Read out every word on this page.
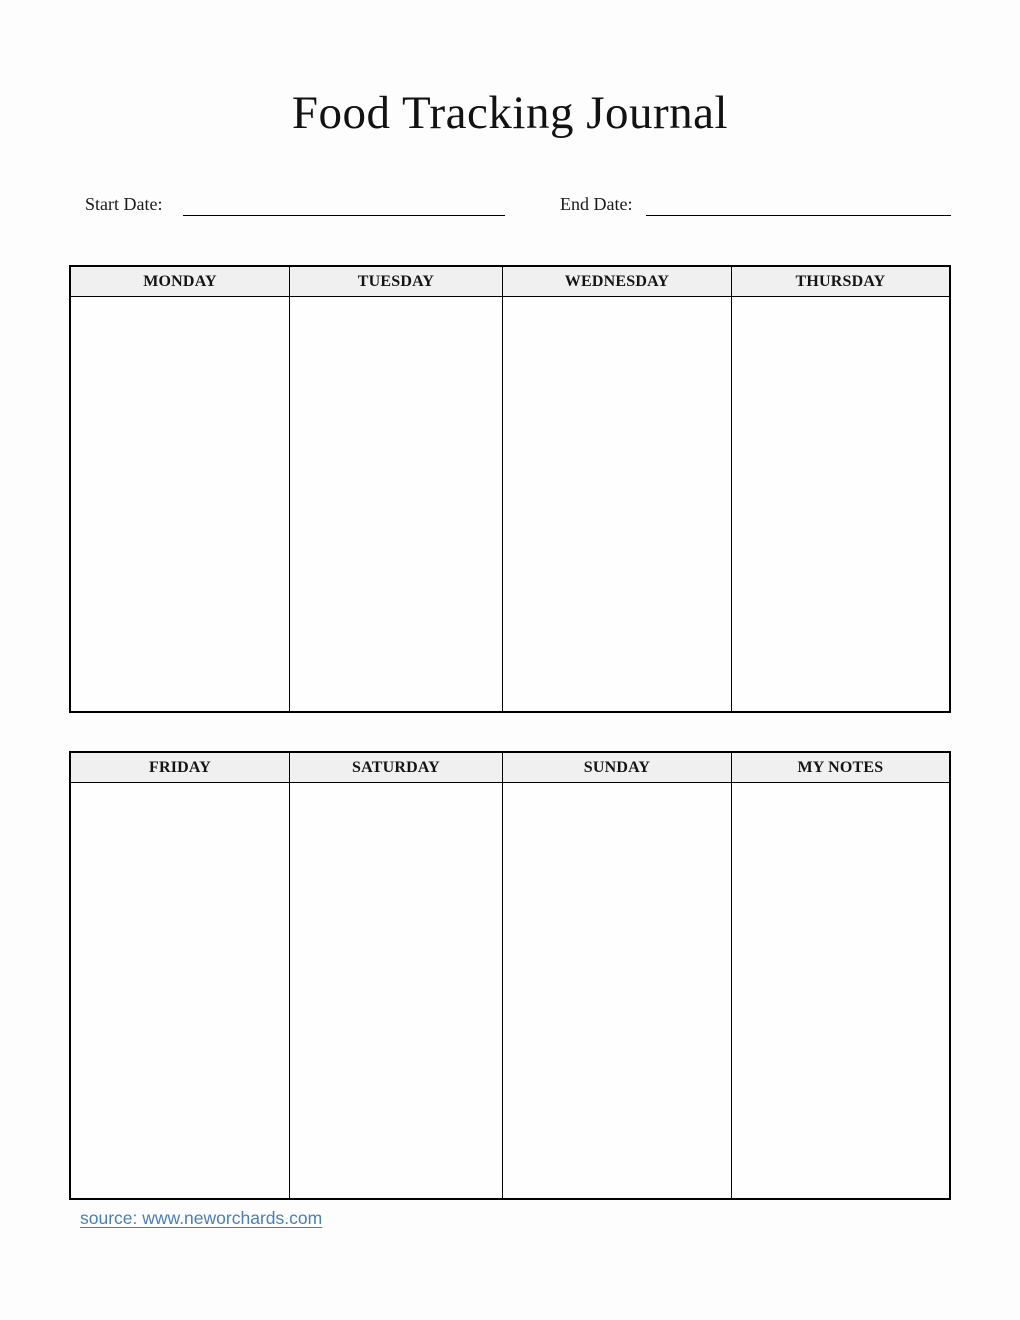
Food Tracking Journal
Start Date:	End Date:
MONDAY	TUESDAY	WEDNESDAY	THURSDAY
FRIDAY	SATURDAY	SUNDAY	MY NOTES
source: www.neworchards.com
